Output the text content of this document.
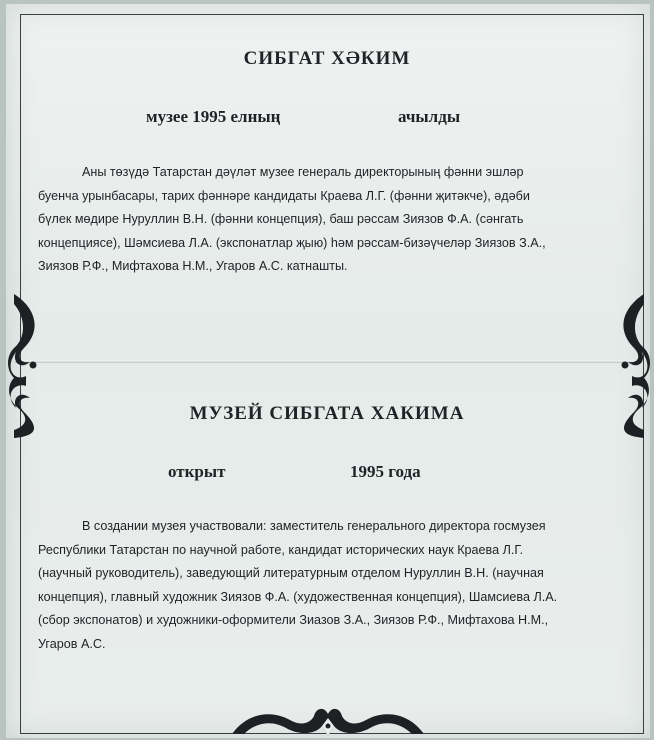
СИБГАТ ХӘКИМ
музее 1995 елның	ачылды
Аны төзүдә Татарстан дәүләт музее генераль директорының фәнни эшләр
буенча урынбасары, тарих фәннәре кандидаты Краева Л.Г. (фәнни җитәкче), әдәби
бүлек мөдире Нуруллин В.Н. (фәнни концепция), баш рәссам Зиязов Ф.А. (сәнгать
концепциясе), Шәмсиева Л.А. (экспонатлар җыю) һәм рәссам-бизәүчеләр Зиязов З.А.,
Зиязов Р.Ф., Мифтахова Н.М., Угаров А.С. катнашты.
МУЗЕЙ СИБГАТА ХАКИМА
открыт	1995 года
В создании музея участвовали: заместитель генерального директора госмузея
Республики Татарстан по научной работе, кандидат исторических наук Краева Л.Г.
(научный руководитель), заведующий литературным отделом Нуруллин В.Н. (научная
концепция), главный художник Зиязов Ф.А. (художественная концепция), Шамсиева Л.А.
(сбор экспонатов) и художники-оформители Зиазов З.А., Зиязов Р.Ф., Мифтахова Н.М.,
Угаров А.С.
